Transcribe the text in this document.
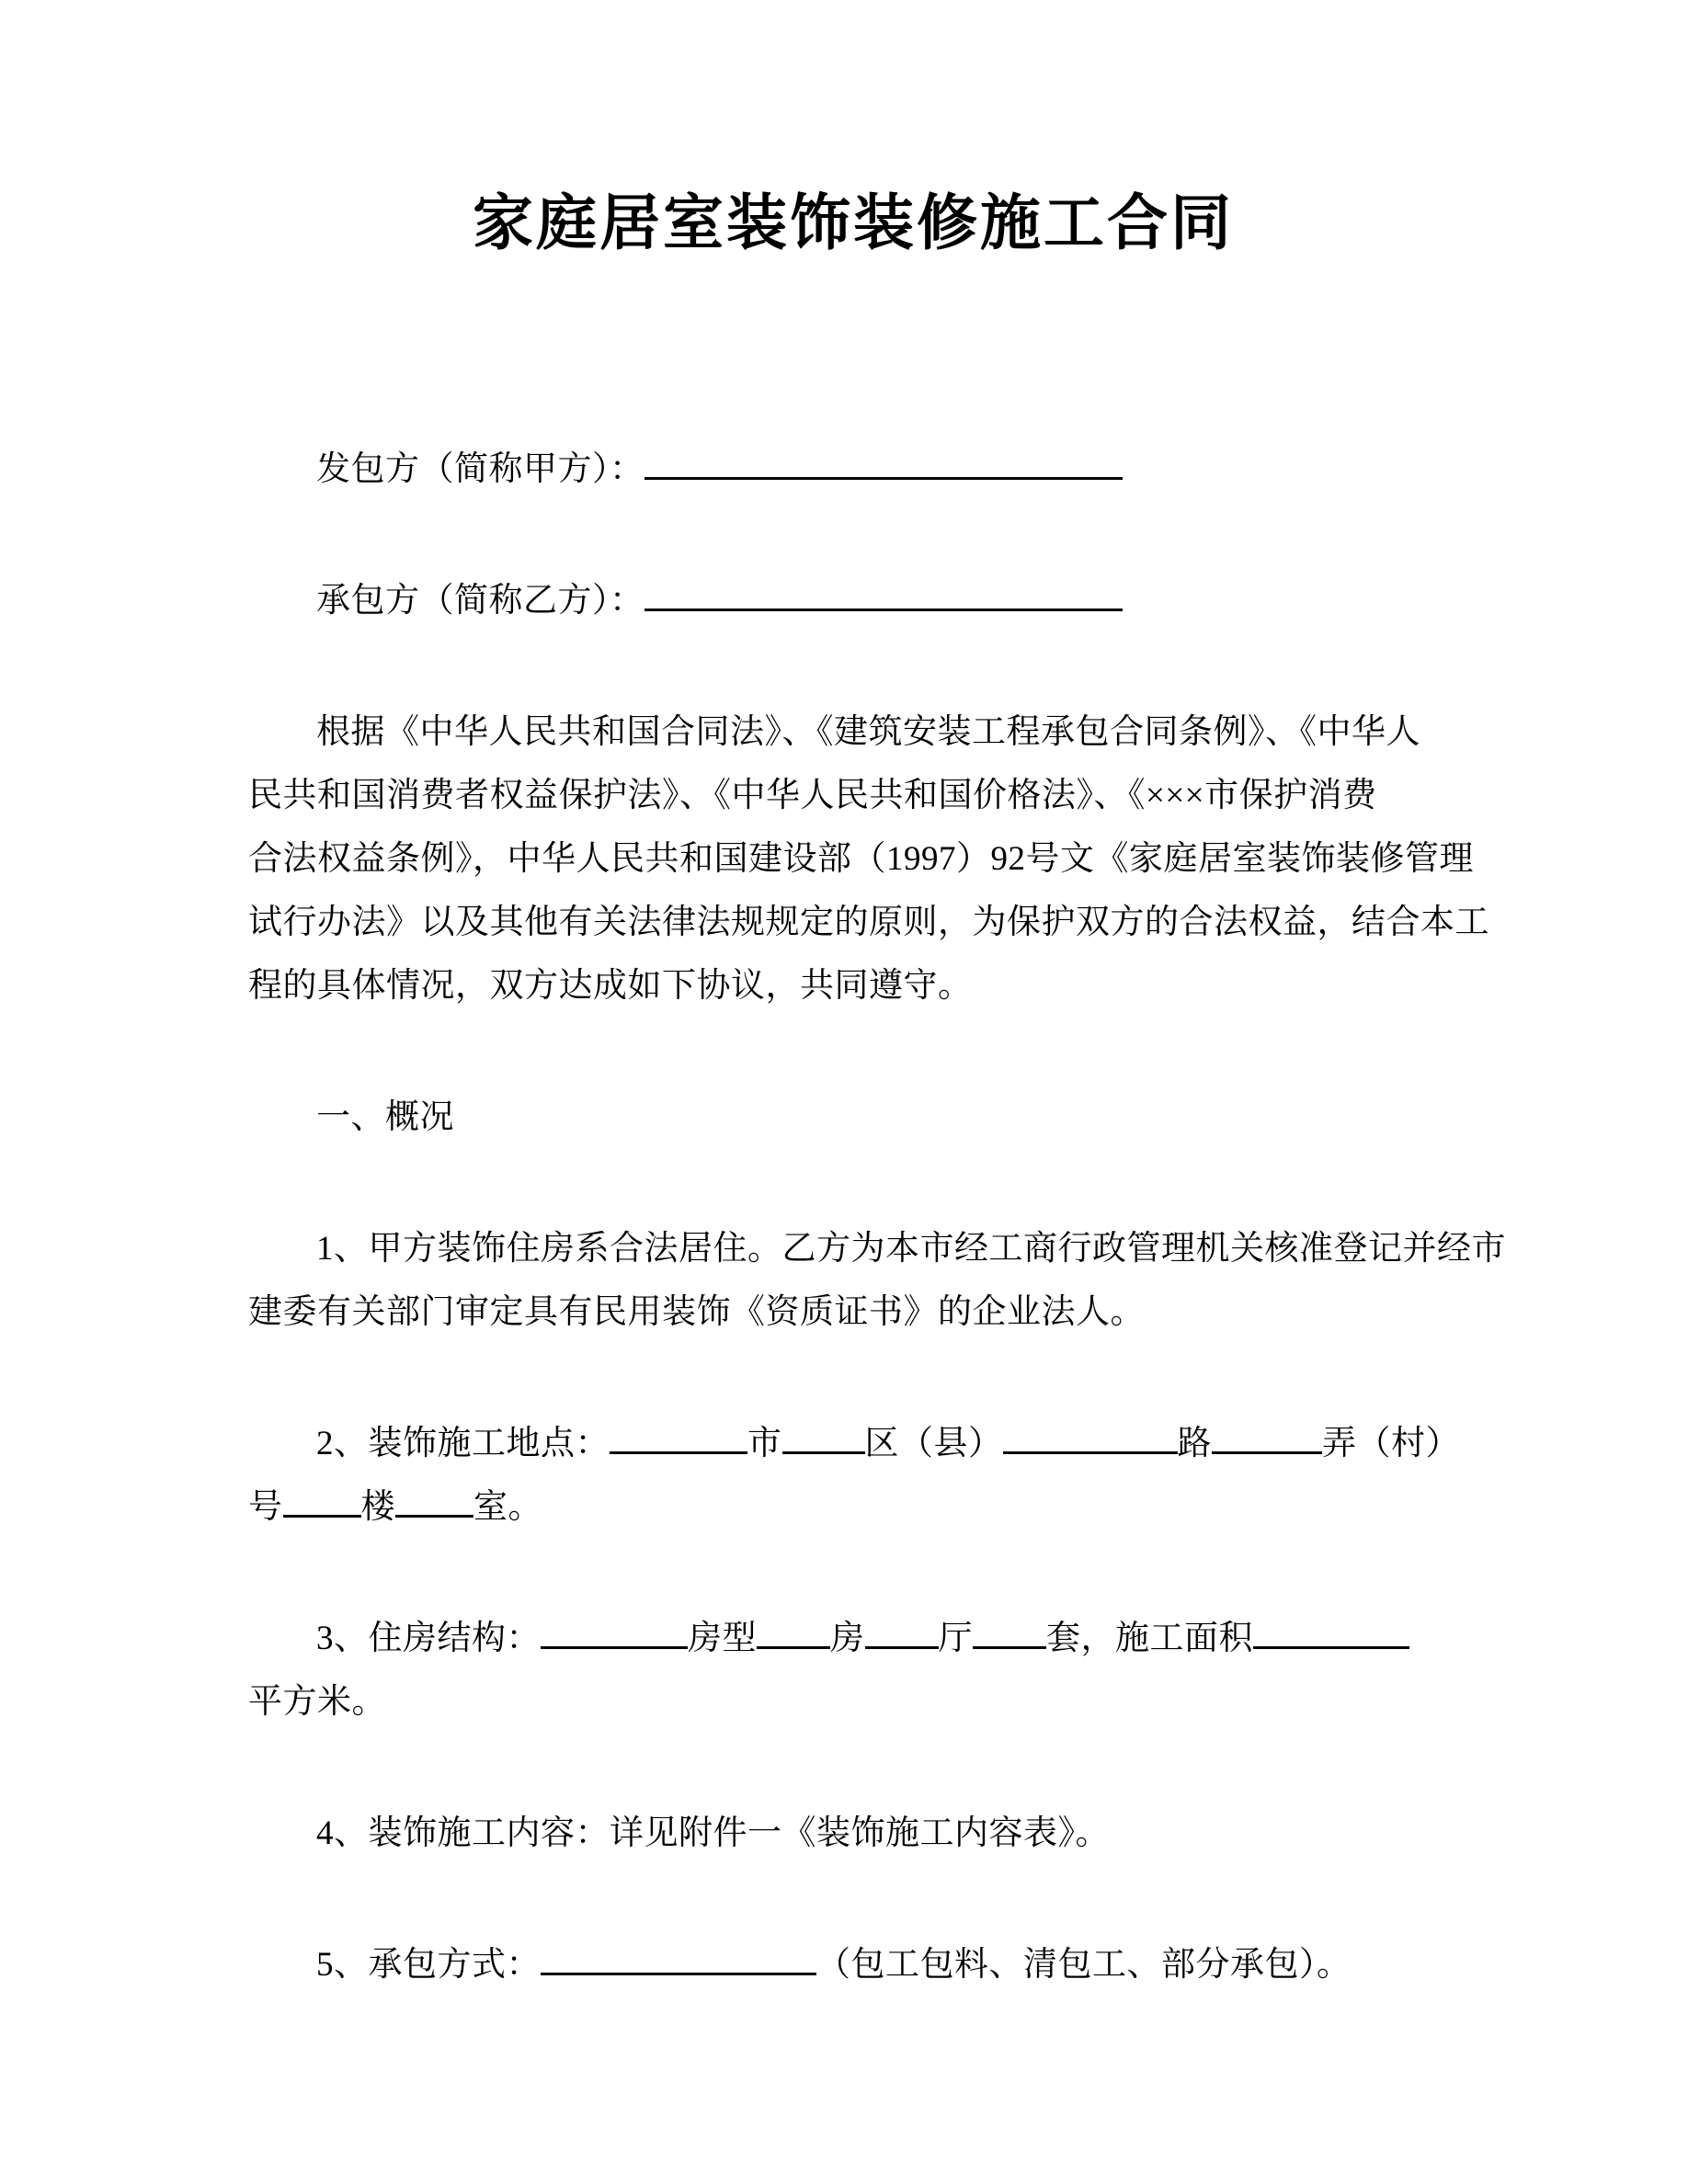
家庭居室装饰装修施工合同
发包方（简称甲方）：
承包方（简称乙方）：
根据《中华人民共和国合同法》、《建筑安装工程承包合同条例》、《中华人
民共和国消费者权益保护法》、《中华人民共和国价格法》、《×××市保护消费
合法权益条例》，中华人民共和国建设部（1997）92号文《家庭居室装饰装修管理
试行办法》以及其他有关法律法规规定的原则，为保护双方的合法权益，结合本工
程的具体情况，双方达成如下协议，共同遵守。
一、概况
1、甲方装饰住房系合法居住。乙方为本市经工商行政管理机关核准登记并经市
建委有关部门审定具有民用装饰《资质证书》的企业法人。
2、装饰施工地点：	市 区（县）	路	弄（村）
号 楼 室。
3、住房结构：	房型 房 厅 套，施工面积
平方米。
4、装饰施工内容：详见附件一《装饰施工内容表》。
5、承包方式：	（包工包料、清包工、部分承包）。
